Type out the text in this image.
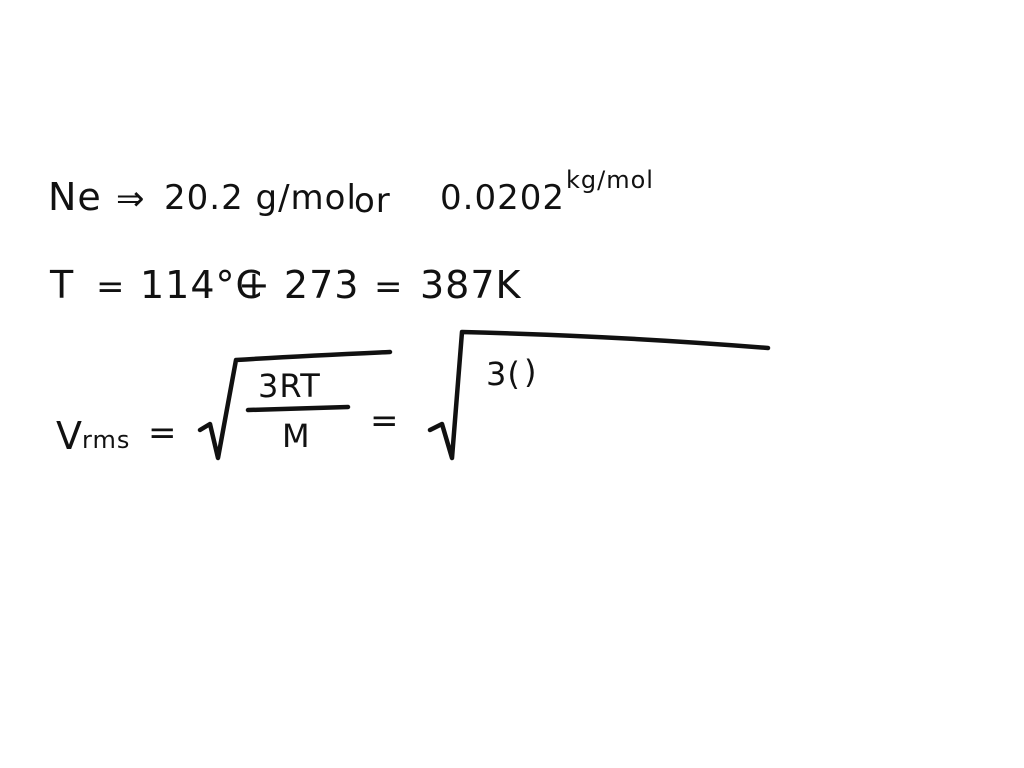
Ne ⇒ 20.2 g/mol
or 0.0202 kg/mol
T = 114°C
+ 273 = 387K
V rms =
3RT
M =
3( )
